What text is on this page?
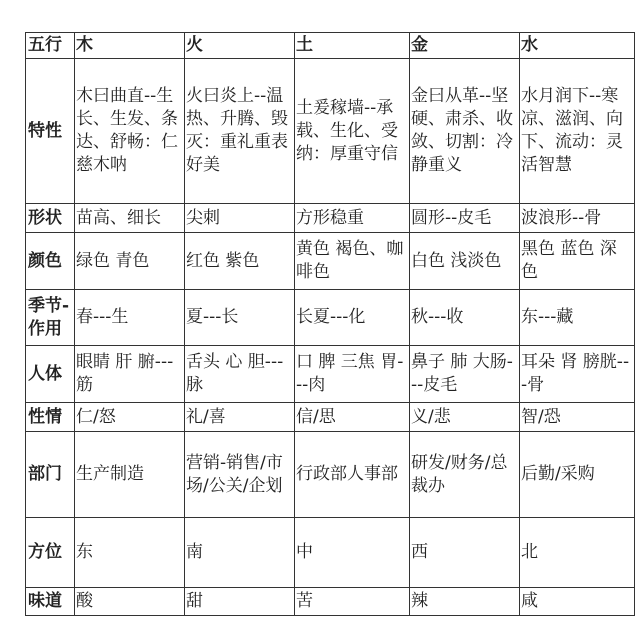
五行	木	火	土	金	水
特性	木曰曲直--生长、生发、条达、舒畅：仁慈木呐	火曰炎上--温热、升腾、毁灭：重礼重表好美	土爰稼墙--承载、生化、受纳：厚重守信	金曰从革--坚硬、肃杀、收敛、切割：冷静重义	水月润下--寒凉、滋润、向下、流动：灵活智慧
形状	苗高、细长	尖刺	方形稳重	圆形--皮毛	波浪形--骨
颜色	绿色 青色	红色 紫色	黄色 褐色、咖啡色	白色 浅淡色	黑色 蓝色 深色
季节-作用	春---生	夏---长	长夏---化	秋---收	东---藏
人体	眼睛 肝 腑---筋	舌头 心 胆---脉	口 脾 三焦 胃---肉	鼻子 肺 大肠---皮毛	耳朵 肾 膀胱---骨
性情	仁/怒	礼/喜	信/思	义/悲	智/恐
部门	生产制造	营销-销售/市场/公关/企划	行政部人事部	研发/财务/总裁办	后勤/采购
方位	东	南	中	西	北
味道	酸	甜	苦	辣	咸
